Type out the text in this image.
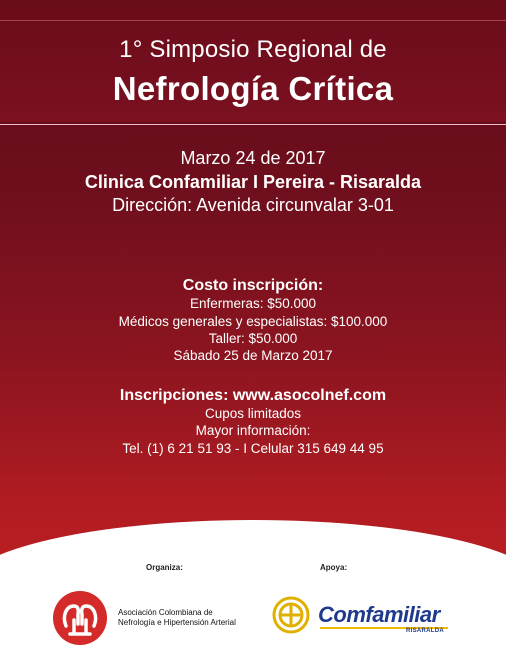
1° Simposio Regional de
Nefrología Crítica
Marzo 24 de 2017
Clinica Confamiliar I Pereira - Risaralda
Dirección: Avenida circunvalar 3-01
Costo inscripción:
Enfermeras: $50.000
Médicos generales y especialistas: $100.000
Taller: $50.000
Sábado 25 de Marzo 2017
Inscripciones: www.asocolnef.com
Cupos limitados
Mayor información:
Tel. (1) 6 21 51 93 - I Celular 315 649 44 95
Organiza:	Apoya:
Asociación Colombiana de
Nefrología e Hipertensión Arterial	Comfamiliar
RISARALDA
